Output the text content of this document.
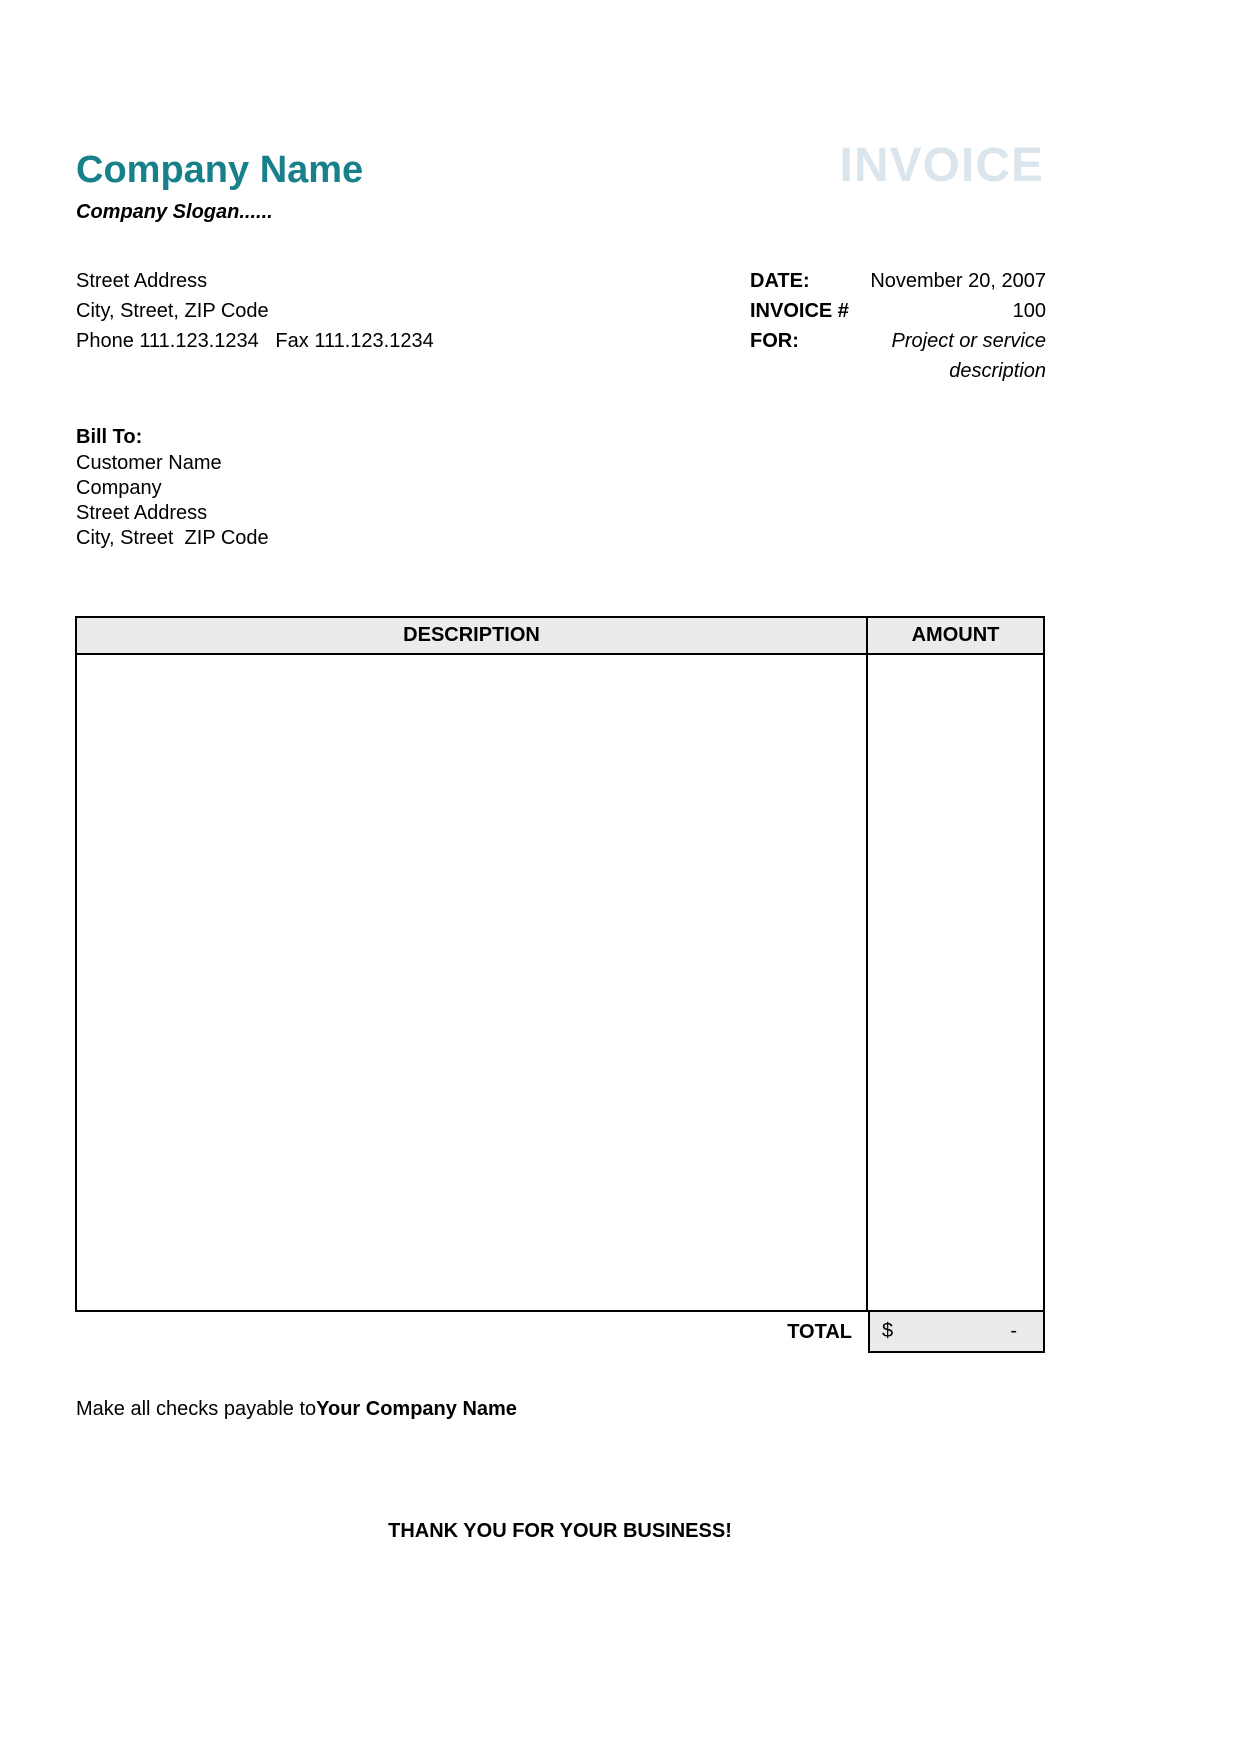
Company Name
Company Slogan......
INVOICE
Street Address
City, Street, ZIP Code
Phone 111.123.1234   Fax 111.123.1234
DATE:	November 20, 2007
INVOICE #	100
FOR:	Project or service
description
Bill To:
Customer Name
Company
Street Address
City, Street  ZIP Code
DESCRIPTION	AMOUNT
TOTAL	$	-
Make all checks payable toYour Company Name
THANK YOU FOR YOUR BUSINESS!
